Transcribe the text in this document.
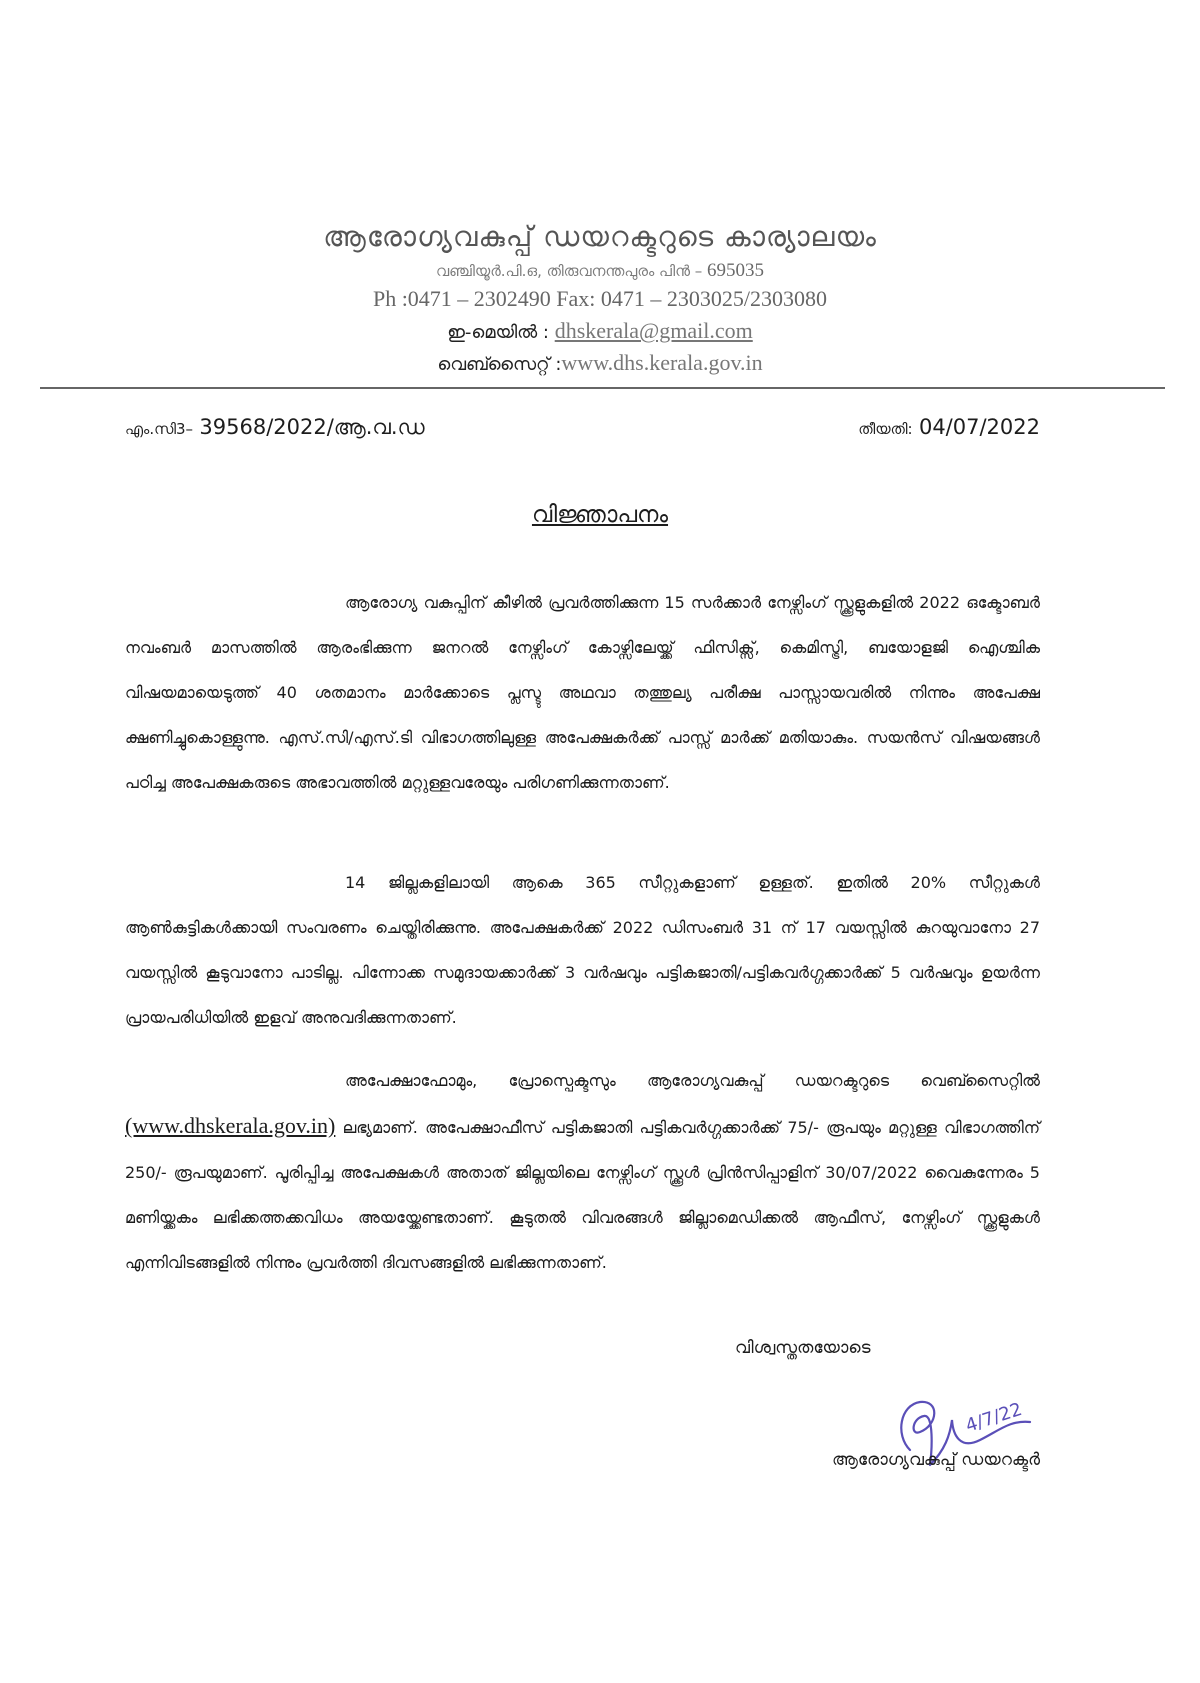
ആരോഗ്യവകുപ്പ് ഡയറക്ടറുടെ കാര്യാലയം
വഞ്ചിയൂർ.പി.ഒ, തിരുവനന്തപുരം പിൻ – 695035
Ph :0471 – 2302490 Fax: 0471 – 2303025/2303080
ഇ-മെയിൽ : dhskerala@gmail.com
വെബ്സൈറ്റ് :www.dhs.kerala.gov.in
എം.സി3– 39568/2022/ആ.വ.ഡ	തീയതി: 04/07/2022
വിജ്ഞാപനം
ആരോഗ്യ വകുപ്പിന് കീഴിൽ പ്രവർത്തിക്കുന്ന 15 സർക്കാർ നേഴ്സിംഗ് സ്ക്കൂളുകളിൽ 2022 ഒക്ടോബർ നവംബർ മാസത്തിൽ ആരംഭിക്കുന്ന ജനറൽ നേഴ്സിംഗ് കോഴ്സിലേയ്ക്ക് ഫിസിക്സ്, കെമിസ്ട്രി, ബയോളജി ഐശ്ചിക വിഷയമായെടുത്ത് 40 ശതമാനം മാർക്കോടെ പ്ലസ്ടു അഥവാ തത്തുല്യ പരീക്ഷ പാസ്സായവരിൽ നിന്നും അപേക്ഷ ക്ഷണിച്ചുകൊള്ളുന്നു. എസ്.സി/എസ്.ടി വിഭാഗത്തിലുള്ള അപേക്ഷകർക്ക് പാസ്സ് മാർക്ക് മതിയാകും. സയൻസ് വിഷയങ്ങൾ പഠിച്ച അപേക്ഷകരുടെ അഭാവത്തിൽ മറ്റുള്ളവരേയും പരിഗണിക്കുന്നതാണ്.
14 ജില്ലകളിലായി ആകെ 365 സീറ്റുകളാണ് ഉള്ളത്. ഇതിൽ 20% സീറ്റുകൾ ആൺകുട്ടികൾക്കായി സംവരണം ചെയ്തിരിക്കുന്നു. അപേക്ഷകർക്ക് 2022 ഡിസംബർ 31 ന് 17 വയസ്സിൽ കുറയുവാനോ 27 വയസ്സിൽ കൂടുവാനോ പാടില്ല. പിന്നോക്ക സമുദായക്കാർക്ക് 3 വർഷവും പട്ടികജാതി/പട്ടികവർഗ്ഗക്കാർക്ക് 5 വർഷവും ഉയർന്ന പ്രായപരിധിയിൽ ഇളവ് അനുവദിക്കുന്നതാണ്.
അപേക്ഷാഫോമും, പ്രോസ്പെക്ടസും ആരോഗ്യവകുപ്പ് ഡയറക്ടറുടെ വെബ്സൈറ്റിൽ (www.dhskerala.gov.in) ലഭ്യമാണ്. അപേക്ഷാഫീസ് പട്ടികജാതി പട്ടികവർഗ്ഗക്കാർക്ക് 75/- രൂപയും മറ്റുള്ള വിഭാഗത്തിന് 250/- രൂപയുമാണ്. പൂരിപ്പിച്ച അപേക്ഷകൾ അതാത് ജില്ലയിലെ നേഴ്സിംഗ് സ്ക്കൂൾ പ്രിൻസിപ്പാളിന് 30/07/2022 വൈകുന്നേരം 5 മണിയ്ക്കകം ലഭിക്കത്തക്കവിധം അയയ്ക്കേണ്ടതാണ്. കൂടുതൽ വിവരങ്ങൾ ജില്ലാമെഡിക്കൽ ആഫീസ്, നേഴ്സിംഗ് സ്ക്കൂളുകൾ എന്നിവിടങ്ങളിൽ നിന്നും പ്രവർത്തി ദിവസങ്ങളിൽ ലഭിക്കുന്നതാണ്.
വിശ്വസ്തതയോടെ
4/7/22
ആരോഗ്യവകുപ്പ് ഡയറക്ടർ
